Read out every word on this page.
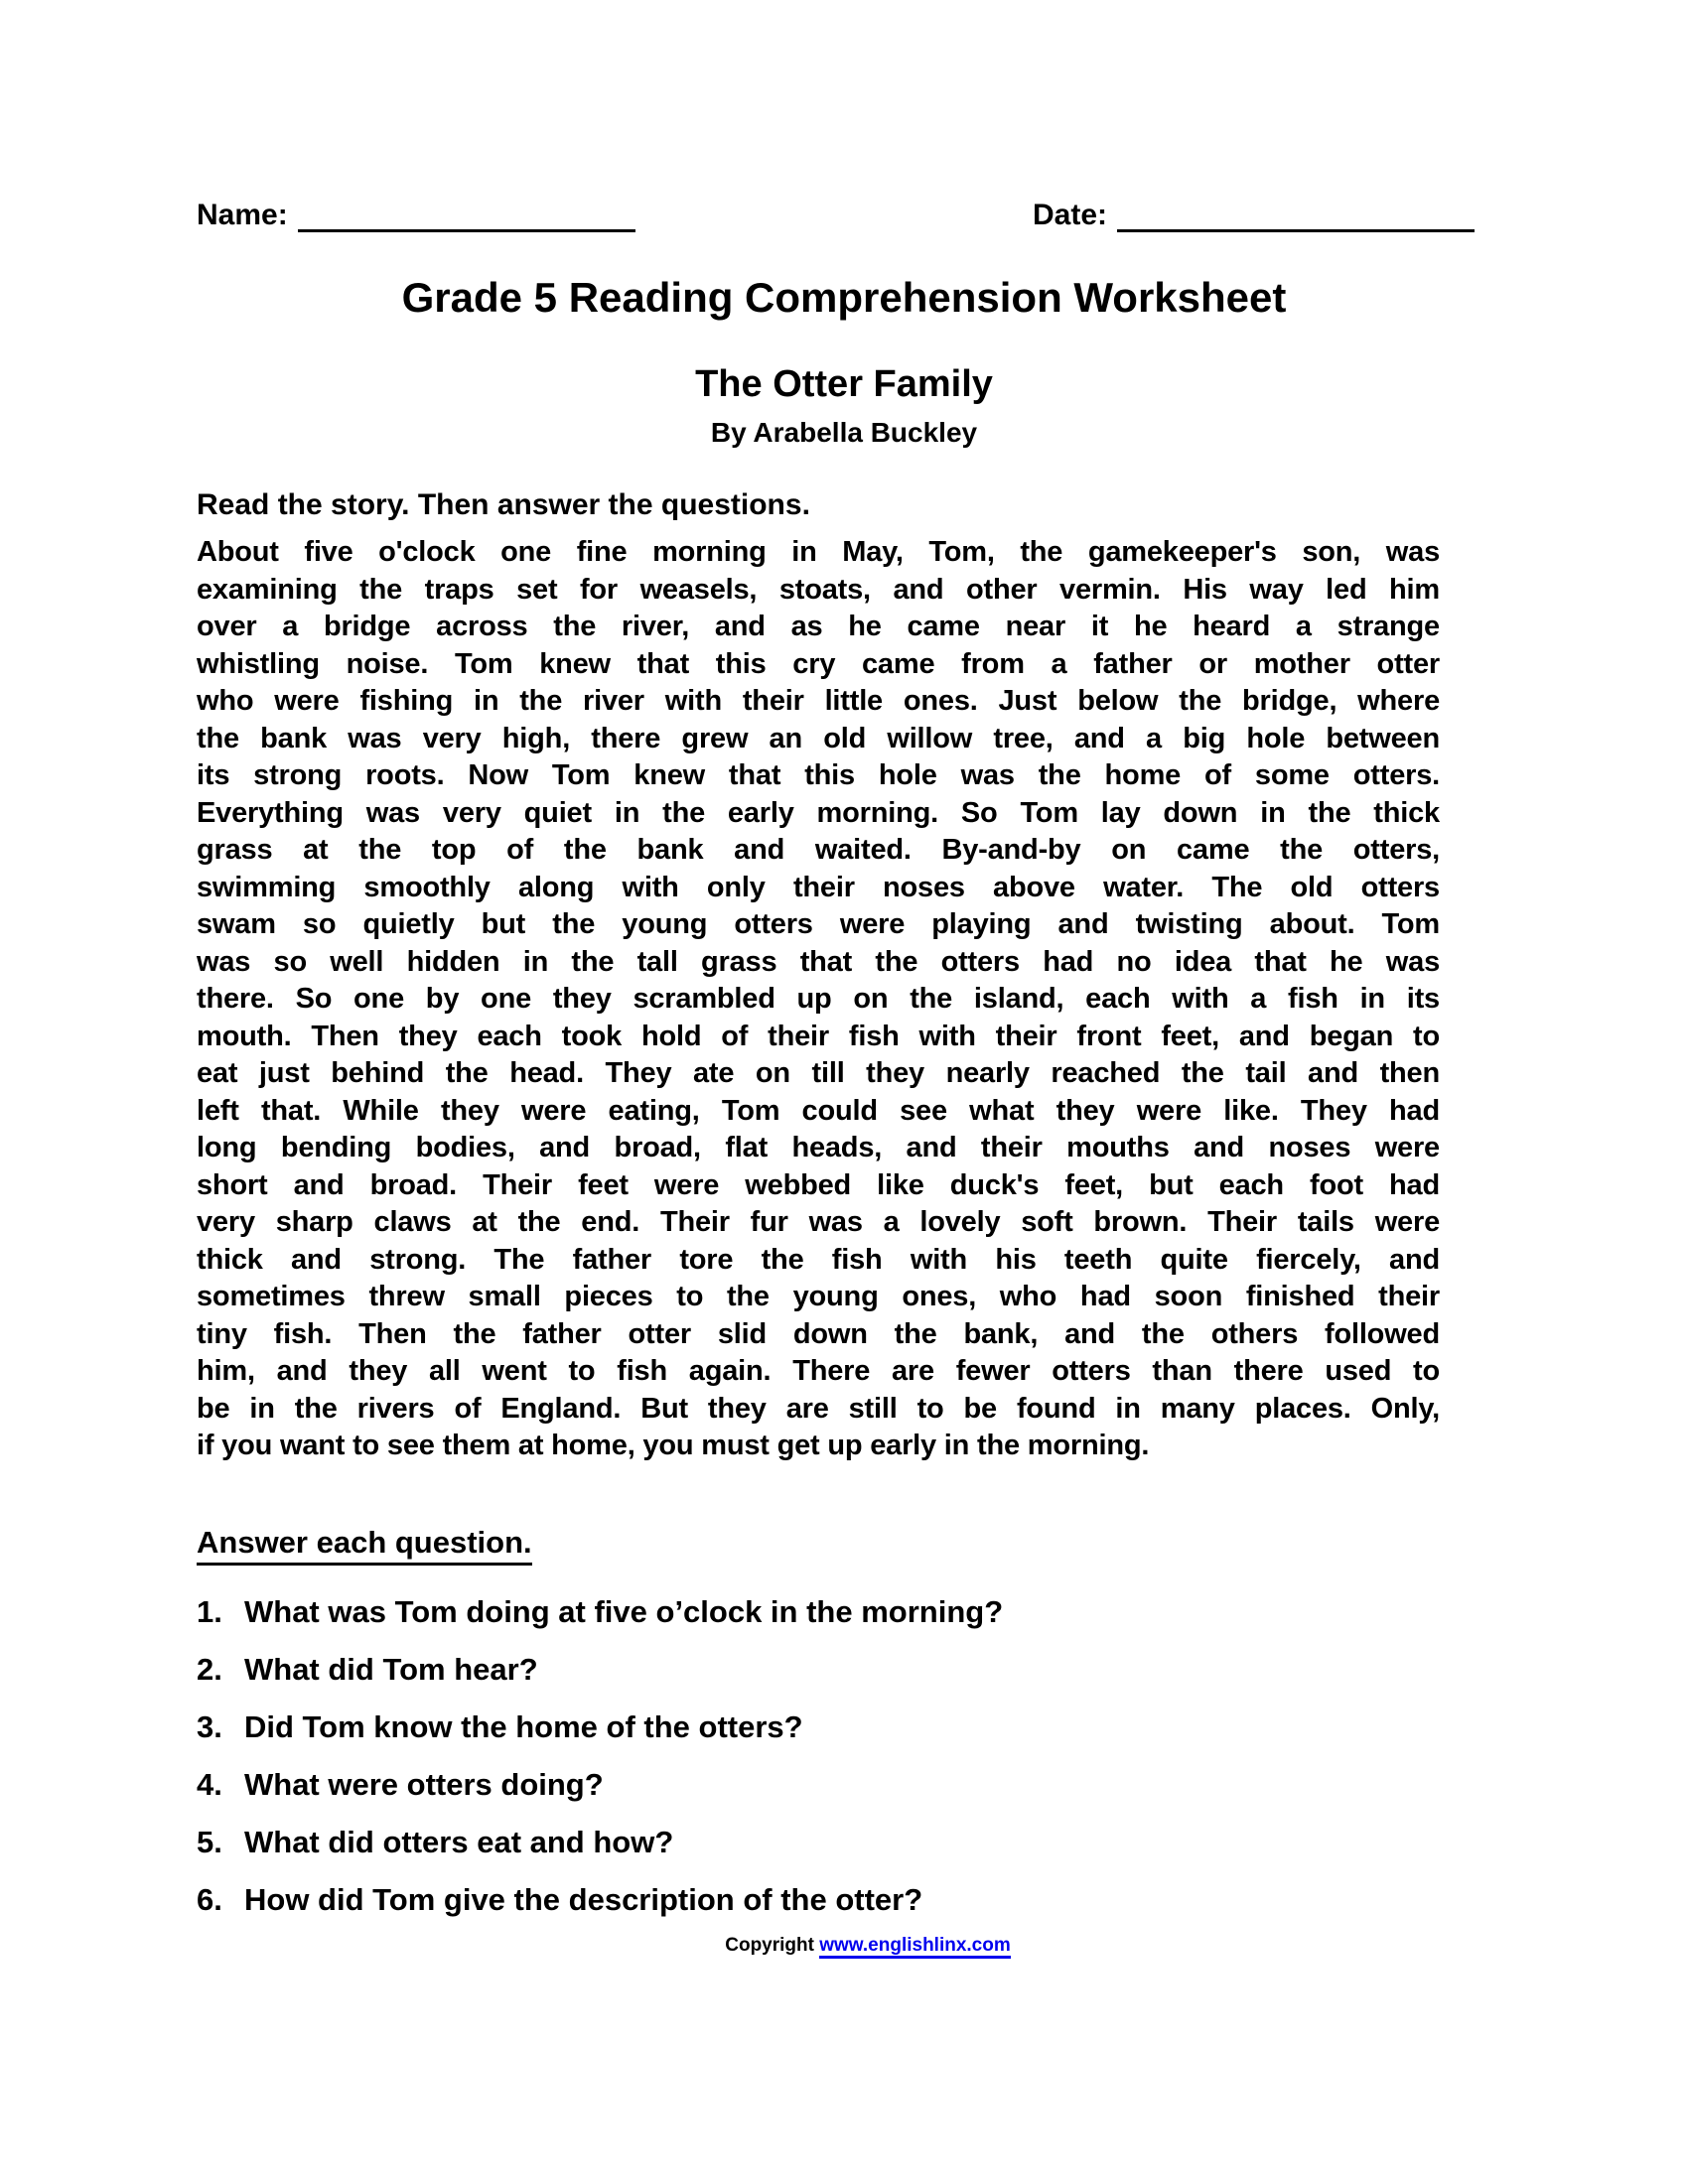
Name:	Date:
Grade 5 Reading Comprehension Worksheet
The Otter Family
By Arabella Buckley
Read the story. Then answer the questions.
About five o'clock one fine morning in May, Tom, the gamekeeper's son, was
examining the traps set for weasels, stoats, and other vermin. His way led him
over a bridge across the river, and as he came near it he heard a strange
whistling noise. Tom knew that this cry came from a father or mother otter
who were fishing in the river with their little ones. Just below the bridge, where
the bank was very high, there grew an old willow tree, and a big hole between
its strong roots. Now Tom knew that this hole was the home of some otters.
Everything was very quiet in the early morning. So Tom lay down in the thick
grass at the top of the bank and waited. By-and-by on came the otters,
swimming smoothly along with only their noses above water. The old otters
swam so quietly but the young otters were playing and twisting about. Tom
was so well hidden in the tall grass that the otters had no idea that he was
there. So one by one they scrambled up on the island, each with a fish in its
mouth. Then they each took hold of their fish with their front feet, and began to
eat just behind the head. They ate on till they nearly reached the tail and then
left that. While they were eating, Tom could see what they were like. They had
long bending bodies, and broad, flat heads, and their mouths and noses were
short and broad. Their feet were webbed like duck's feet, but each foot had
very sharp claws at the end. Their fur was a lovely soft brown. Their tails were
thick and strong. The father tore the fish with his teeth quite fiercely, and
sometimes threw small pieces to the young ones, who had soon finished their
tiny fish. Then the father otter slid down the bank, and the others followed
him, and they all went to fish again. There are fewer otters than there used to
be in the rivers of England. But they are still to be found in many places. Only,
if you want to see them at home, you must get up early in the morning.
Answer each question.
1. What was Tom doing at five o’clock in the morning?
2. What did Tom hear?
3. Did Tom know the home of the otters?
4. What were otters doing?
5. What did otters eat and how?
6. How did Tom give the description of the otter?
Copyright www.englishlinx.com
